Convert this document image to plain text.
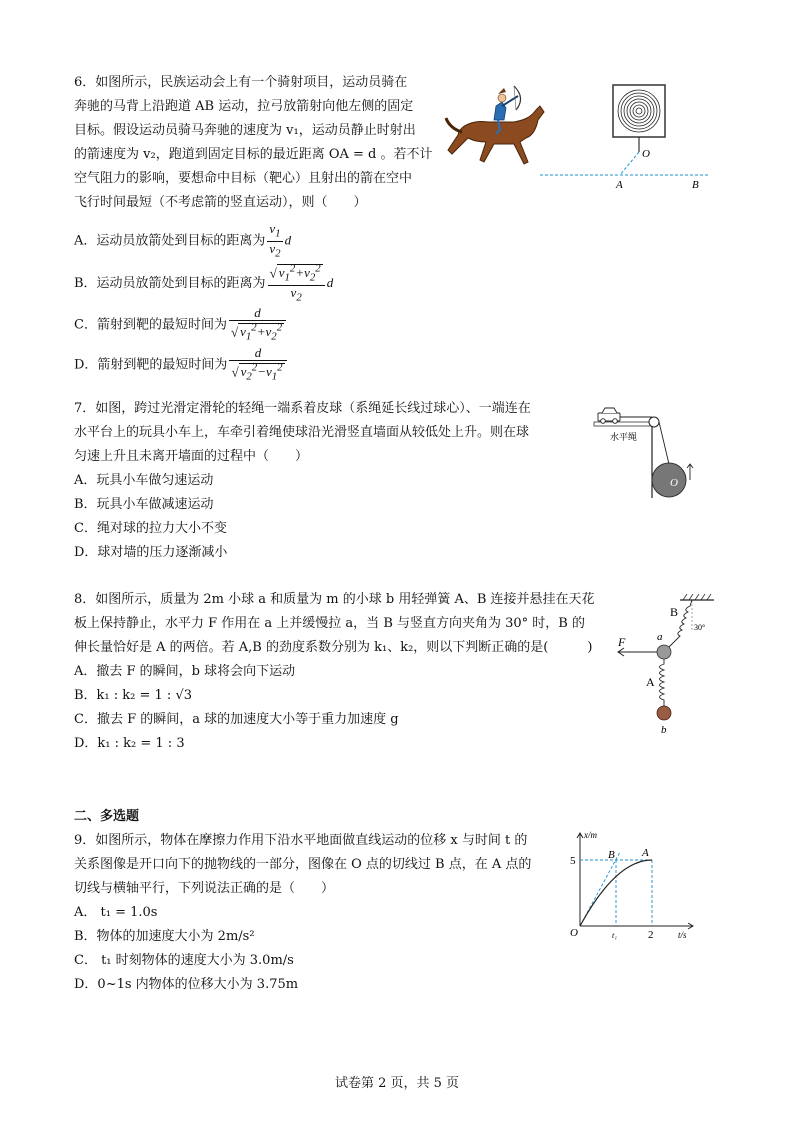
6．如图所示，民族运动会上有一个骑射项目，运动员骑在
奔驰的马背上沿跑道 AB 运动，拉弓放箭射向他左侧的固定
目标。假设运动员骑马奔驰的速度为 v₁，运动员静止时射出
的箭速度为 v₂，跑道到固定目标的最近距离 OA = d 。若不计
空气阻力的影响，要想命中目标（靶心）且射出的箭在空中
飞行时间最短（不考虑箭的竖直运动），则（　　）
A．运动员放箭处到目标的距离为 $\frac{v_1}{v_2}$ d
B．运动员放箭处到目标的距离为 $\frac{√ v_1^2+v_2^2}{v_2}$ d
C．箭射到靶的最短时间为 $\frac{d}{√ v_1^2+v_2^2}$
D．箭射到靶的最短时间为 $\frac{d}{√ v_2^2-v_1^2}$
O
A	B
7．如图，跨过光滑定滑轮的轻绳一端系着皮球（系绳延长线过球心）、一端连在
水平台上的玩具小车上，车牵引着绳使球沿光滑竖直墙面从较低处上升。则在球
匀速上升且未离开墙面的过程中（　　）
A．玩具小车做匀速运动
B．玩具小车做减速运动
C．绳对球的拉力大小不变
D．球对墙的压力逐渐减小
O
水平绳
8．如图所示，质量为 2m 小球 a 和质量为 m 的小球 b 用轻弹簧 A、B 连接并悬挂在天花
板上保持静止，水平力 F 作用在 a 上并缓慢拉 a，当 B 与竖直方向夹角为 30° 时，B 的
伸长量恰好是 A 的两倍。若 A,B 的劲度系数分别为 k₁、k₂，则以下判断正确的是(　　　)
A．撤去 F 的瞬间，b 球将会向下运动
B．k₁ : k₂ = 1 : √3
C．撤去 F 的瞬间，a 球的加速度大小等于重力加速度 g
D．k₁ : k₂ = 1 : 3
B
30°
F	a
A
b
二、多选题
9．如图所示，物体在摩擦力作用下沿水平地面做直线运动的位移 x 与时间 t 的
关系图像是开口向下的抛物线的一部分，图像在 O 点的切线过 B 点，在 A 点的
切线与横轴平行，下列说法正确的是（　　）
A． t₁ = 1.0s
B．物体的加速度大小为 2m/s²
C． t₁ 时刻物体的速度大小为 3.0m/s
D．0~1s 内物体的位移大小为 3.75m
x/m
t/s
5
2
t₁
O
B A
试卷第 2 页，共 5 页
